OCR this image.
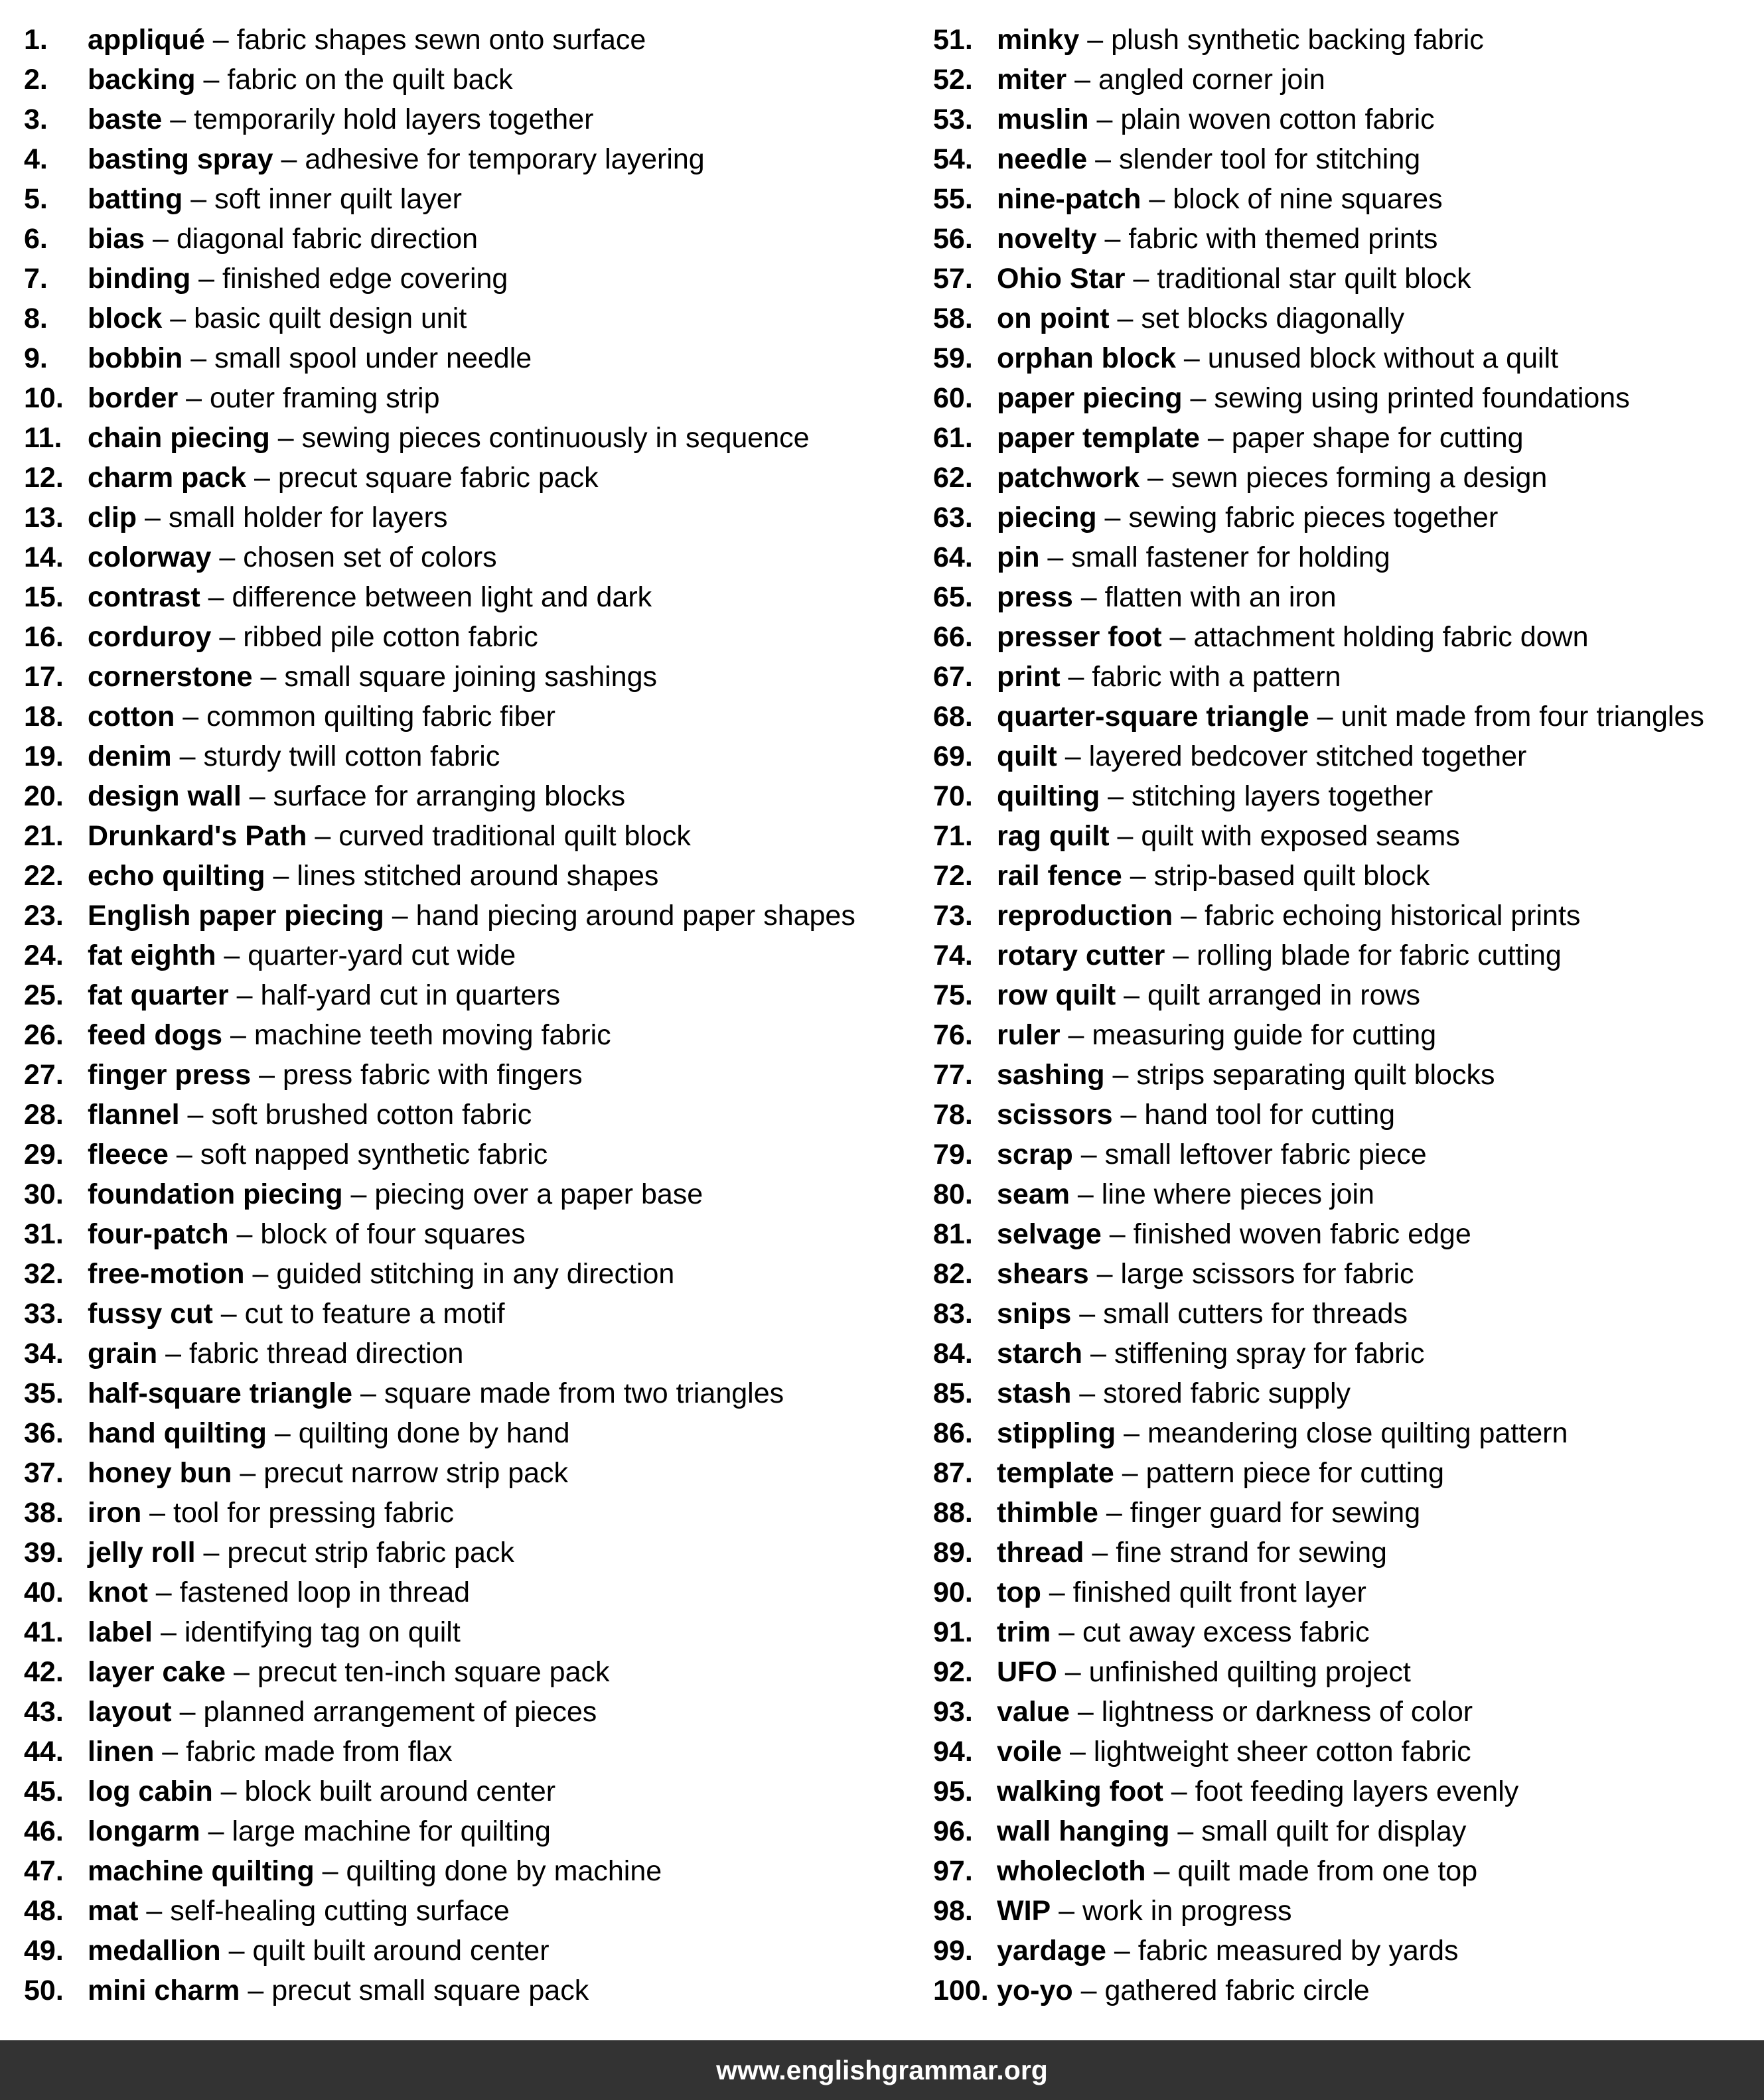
1.	appliqué – fabric shapes sewn onto surface
2.	backing – fabric on the quilt back
3.	baste – temporarily hold layers together
4.	basting spray – adhesive for temporary layering
5.	batting – soft inner quilt layer
6.	bias – diagonal fabric direction
7.	binding – finished edge covering
8.	block – basic quilt design unit
9.	bobbin – small spool under needle
10. border – outer framing strip
11. chain piecing – sewing pieces continuously in sequence
12. charm pack – precut square fabric pack
13. clip – small holder for layers
14. colorway – chosen set of colors
15. contrast – difference between light and dark
16. corduroy – ribbed pile cotton fabric
17. cornerstone – small square joining sashings
18. cotton – common quilting fabric fiber
19. denim – sturdy twill cotton fabric
20. design wall – surface for arranging blocks
21. Drunkard's Path – curved traditional quilt block
22. echo quilting – lines stitched around shapes
23. English paper piecing – hand piecing around paper shapes
24. fat eighth – quarter-yard cut wide
25. fat quarter – half-yard cut in quarters
26. feed dogs – machine teeth moving fabric
27. finger press – press fabric with fingers
28. flannel – soft brushed cotton fabric
29. fleece – soft napped synthetic fabric
30. foundation piecing – piecing over a paper base
31. four-patch – block of four squares
32. free-motion – guided stitching in any direction
33. fussy cut – cut to feature a motif
34. grain – fabric thread direction
35. half-square triangle – square made from two triangles
36. hand quilting – quilting done by hand
37. honey bun – precut narrow strip pack
38. iron – tool for pressing fabric
39. jelly roll – precut strip fabric pack
40. knot – fastened loop in thread
41. label – identifying tag on quilt
42. layer cake – precut ten-inch square pack
43. layout – planned arrangement of pieces
44. linen – fabric made from flax
45. log cabin – block built around center
46. longarm – large machine for quilting
47. machine quilting – quilting done by machine
48. mat – self-healing cutting surface
49. medallion – quilt built around center
50. mini charm – precut small square pack
51. minky – plush synthetic backing fabric
52. miter – angled corner join
53. muslin – plain woven cotton fabric
54. needle – slender tool for stitching
55. nine-patch – block of nine squares
56. novelty – fabric with themed prints
57. Ohio Star – traditional star quilt block
58. on point – set blocks diagonally
59. orphan block – unused block without a quilt
60. paper piecing – sewing using printed foundations
61. paper template – paper shape for cutting
62. patchwork – sewn pieces forming a design
63. piecing – sewing fabric pieces together
64. pin – small fastener for holding
65. press – flatten with an iron
66. presser foot – attachment holding fabric down
67. print – fabric with a pattern
68. quarter-square triangle – unit made from four triangles
69. quilt – layered bedcover stitched together
70. quilting – stitching layers together
71. rag quilt – quilt with exposed seams
72. rail fence – strip-based quilt block
73. reproduction – fabric echoing historical prints
74. rotary cutter – rolling blade for fabric cutting
75. row quilt – quilt arranged in rows
76. ruler – measuring guide for cutting
77. sashing – strips separating quilt blocks
78. scissors – hand tool for cutting
79. scrap – small leftover fabric piece
80. seam – line where pieces join
81. selvage – finished woven fabric edge
82. shears – large scissors for fabric
83. snips – small cutters for threads
84. starch – stiffening spray for fabric
85. stash – stored fabric supply
86. stippling – meandering close quilting pattern
87. template – pattern piece for cutting
88. thimble – finger guard for sewing
89. thread – fine strand for sewing
90. top – finished quilt front layer
91. trim – cut away excess fabric
92. UFO – unfinished quilting project
93. value – lightness or darkness of color
94. voile – lightweight sheer cotton fabric
95. walking foot – foot feeding layers evenly
96. wall hanging – small quilt for display
97. wholecloth – quilt made from one top
98. WIP – work in progress
99. yardage – fabric measured by yards
100. yo-yo – gathered fabric circle
www.englishgrammar.org
